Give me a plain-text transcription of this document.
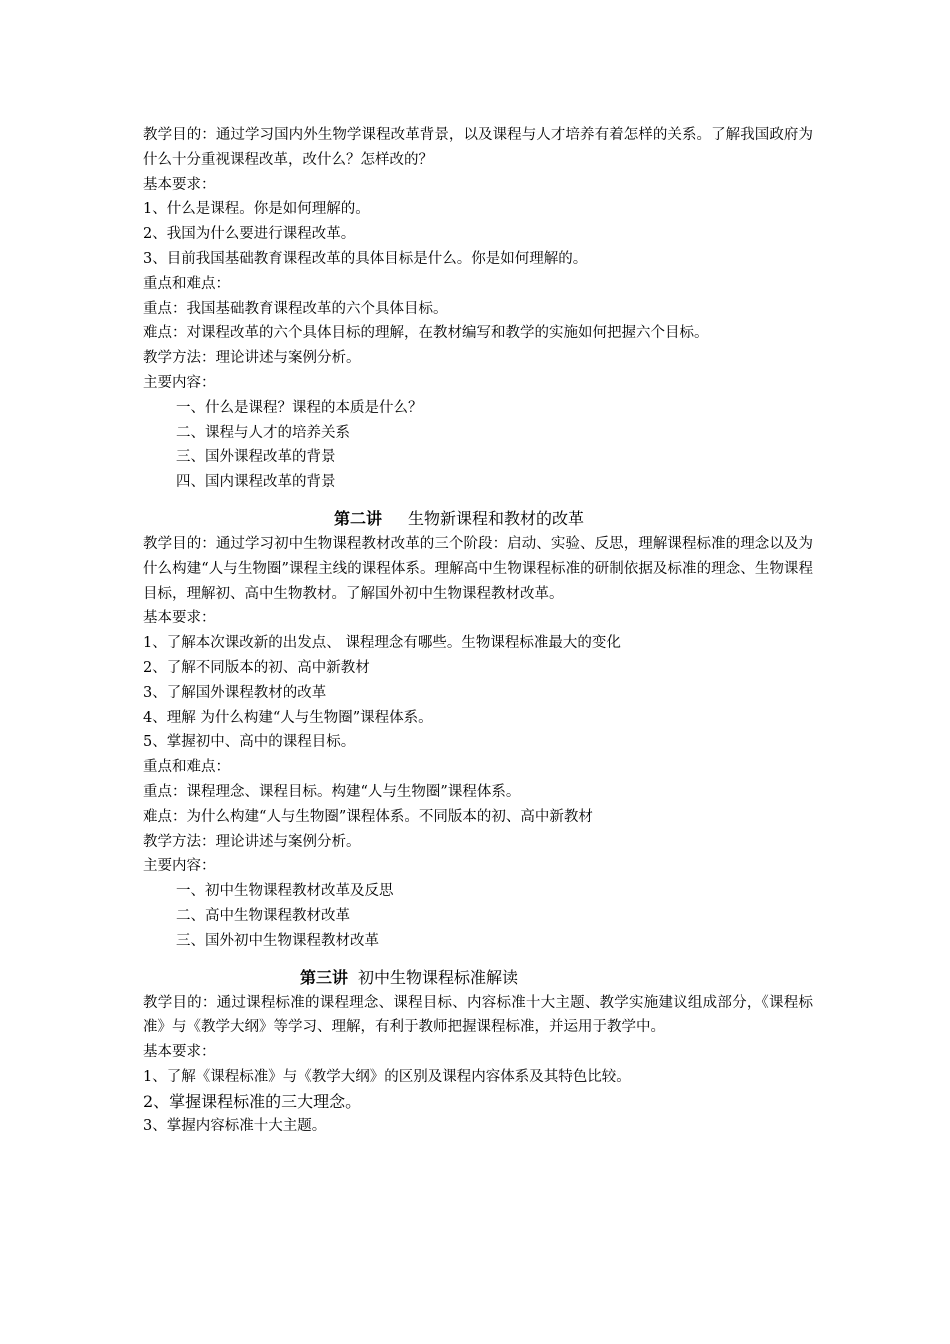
教学目的：通过学习国内外生物学课程改革背景，以及课程与人才培养有着怎样的关系。了解我国政府为什么十分重视课程改革，改什么？怎样改的？
基本要求：
1、什么是课程。你是如何理解的。
2、我国为什么要进行课程改革。
3、目前我国基础教育课程改革的具体目标是什么。你是如何理解的。
重点和难点：
重点：我国基础教育课程改革的六个具体目标。
难点：对课程改革的六个具体目标的理解，在教材编写和教学的实施如何把握六个目标。
教学方法：理论讲述与案例分析。
主要内容：
一、什么是课程？课程的本质是什么？
二、课程与人才的培养关系
三、国外课程改革的背景
四、国内课程改革的背景
第二讲 生物新课程和教材的改革
教学目的：通过学习初中生物课程教材改革的三个阶段：启动、实验、反思，理解课程标准的理念以及为什么构建“人与生物圈”课程主线的课程体系。理解高中生物课程标准的研制依据及标准的理念、生物课程目标，理解初、高中生物教材。了解国外初中生物课程教材改革。
基本要求：
1、了解本次课改新的出发点、 课程理念有哪些。生物课程标准最大的变化
2、了解不同版本的初、高中新教材
3、了解国外课程教材的改革
4、理解 为什么构建“人与生物圈”课程体系。
5、掌握初中、高中的课程目标。
重点和难点：
重点：课程理念、课程目标。构建“人与生物圈”课程体系。
难点：为什么构建“人与生物圈”课程体系。不同版本的初、高中新教材
教学方法：理论讲述与案例分析。
主要内容：
一、初中生物课程教材改革及反思
二、高中生物课程教材改革
三、国外初中生物课程教材改革
第三讲 初中生物课程标准解读
教学目的：通过课程标准的课程理念、课程目标、内容标准十大主题、教学实施建议组成部分，《课程标准》与《教学大纲》等学习、理解，有利于教师把握课程标准，并运用于教学中。
基本要求：
1、了解《课程标准》与《教学大纲》的区别及课程内容体系及其特色比较。
2、掌握课程标准的三大理念。
3、掌握内容标准十大主题。
